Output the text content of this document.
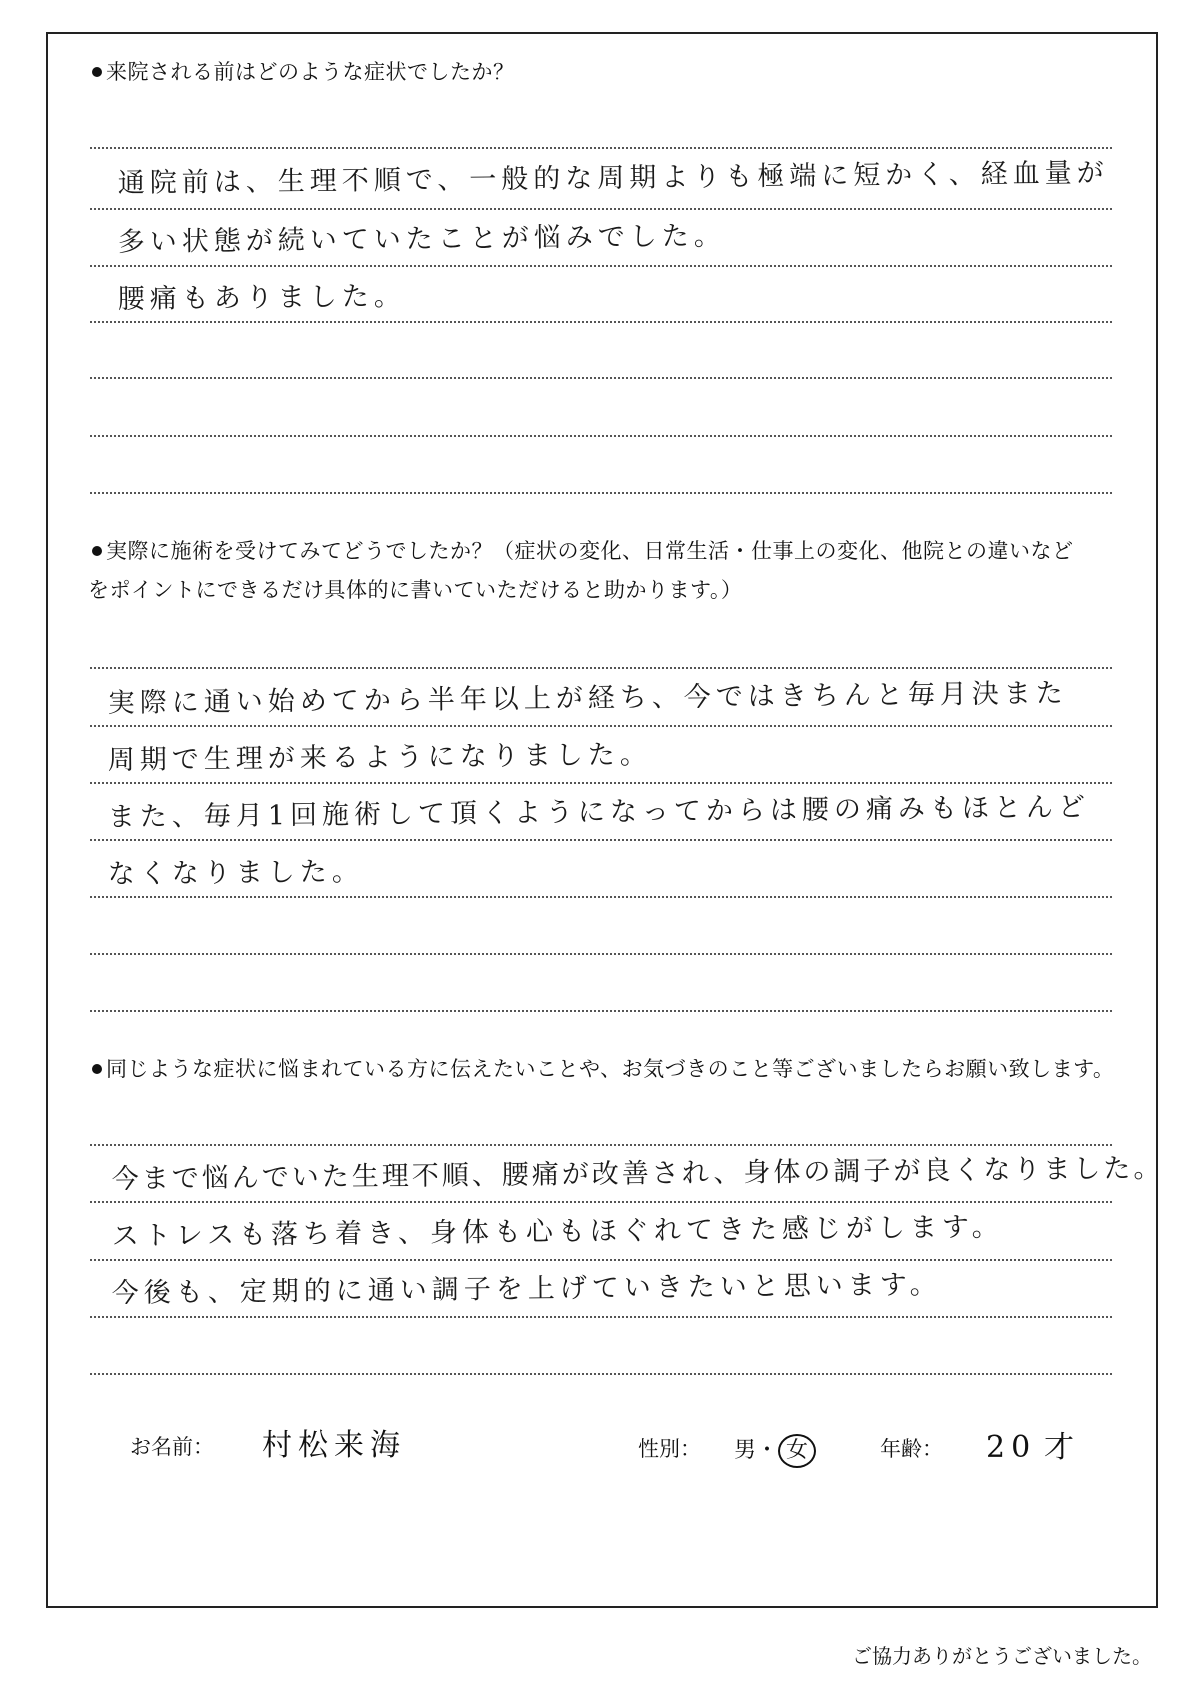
来院される前はどのような症状でしたか？
通院前は、生理不順で、一般的な周期よりも極端に短かく、経血量が
多い状態が続いていたことが悩みでした。
腰痛もありました。
実際に施術を受けてみてどうでしたか？（症状の変化、日常生活・仕事上の変化、他院との違いなど
をポイントにできるだけ具体的に書いていただけると助かります。）
実際に通い始めてから半年以上が経ち、今ではきちんと毎月決また
周期で生理が来るようになりました。
また、毎月1回施術して頂くようになってからは腰の痛みもほとんど
なくなりました。
同じような症状に悩まれている方に伝えたいことや、お気づきのこと等ございましたらお願い致します。
今まで悩んでいた生理不順、腰痛が改善され、身体の調子が良くなりました。
ストレスも落ち着き、身体も心もほぐれてきた感じがします。
今後も、定期的に通い調子を上げていきたいと思います。
お名前： 村松来海	性別： 男・ 女	年齢： 20 才
ご協力ありがとうございました。
